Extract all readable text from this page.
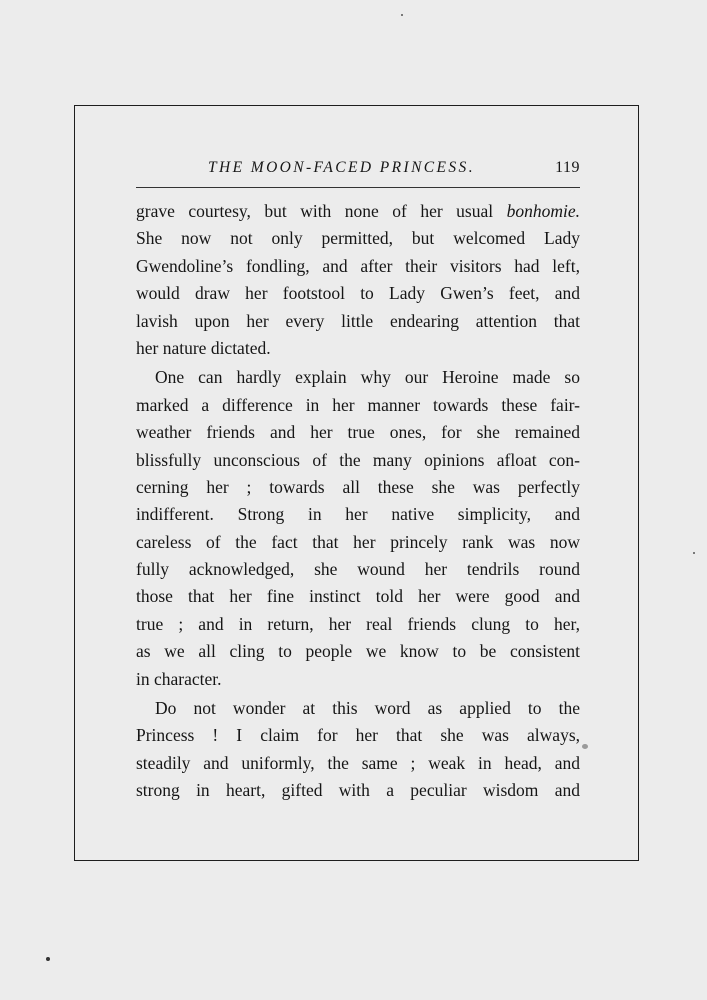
THE MOON-FACED PRINCESS.	119
grave courtesy, but with none of her usual bonhomie.
She now not only permitted, but welcomed Lady
Gwendoline’s fondling, and after their visitors had left,
would draw her footstool to Lady Gwen’s feet, and
lavish upon her every little endearing attention that
her nature dictated.
One can hardly explain why our Heroine made so
marked a difference in her manner towards these fair-
weather friends and her true ones, for she remained
blissfully unconscious of the many opinions afloat con-
cerning her ; towards all these she was perfectly
indifferent. Strong in her native simplicity, and
careless of the fact that her princely rank was now
fully acknowledged, she wound her tendrils round
those that her fine instinct told her were good and
true ; and in return, her real friends clung to her,
as we all cling to people we know to be consistent
in character.
Do not wonder at this word as applied to the
Princess ! I claim for her that she was always,
steadily and uniformly, the same ; weak in head, and
strong in heart, gifted with a peculiar wisdom and
